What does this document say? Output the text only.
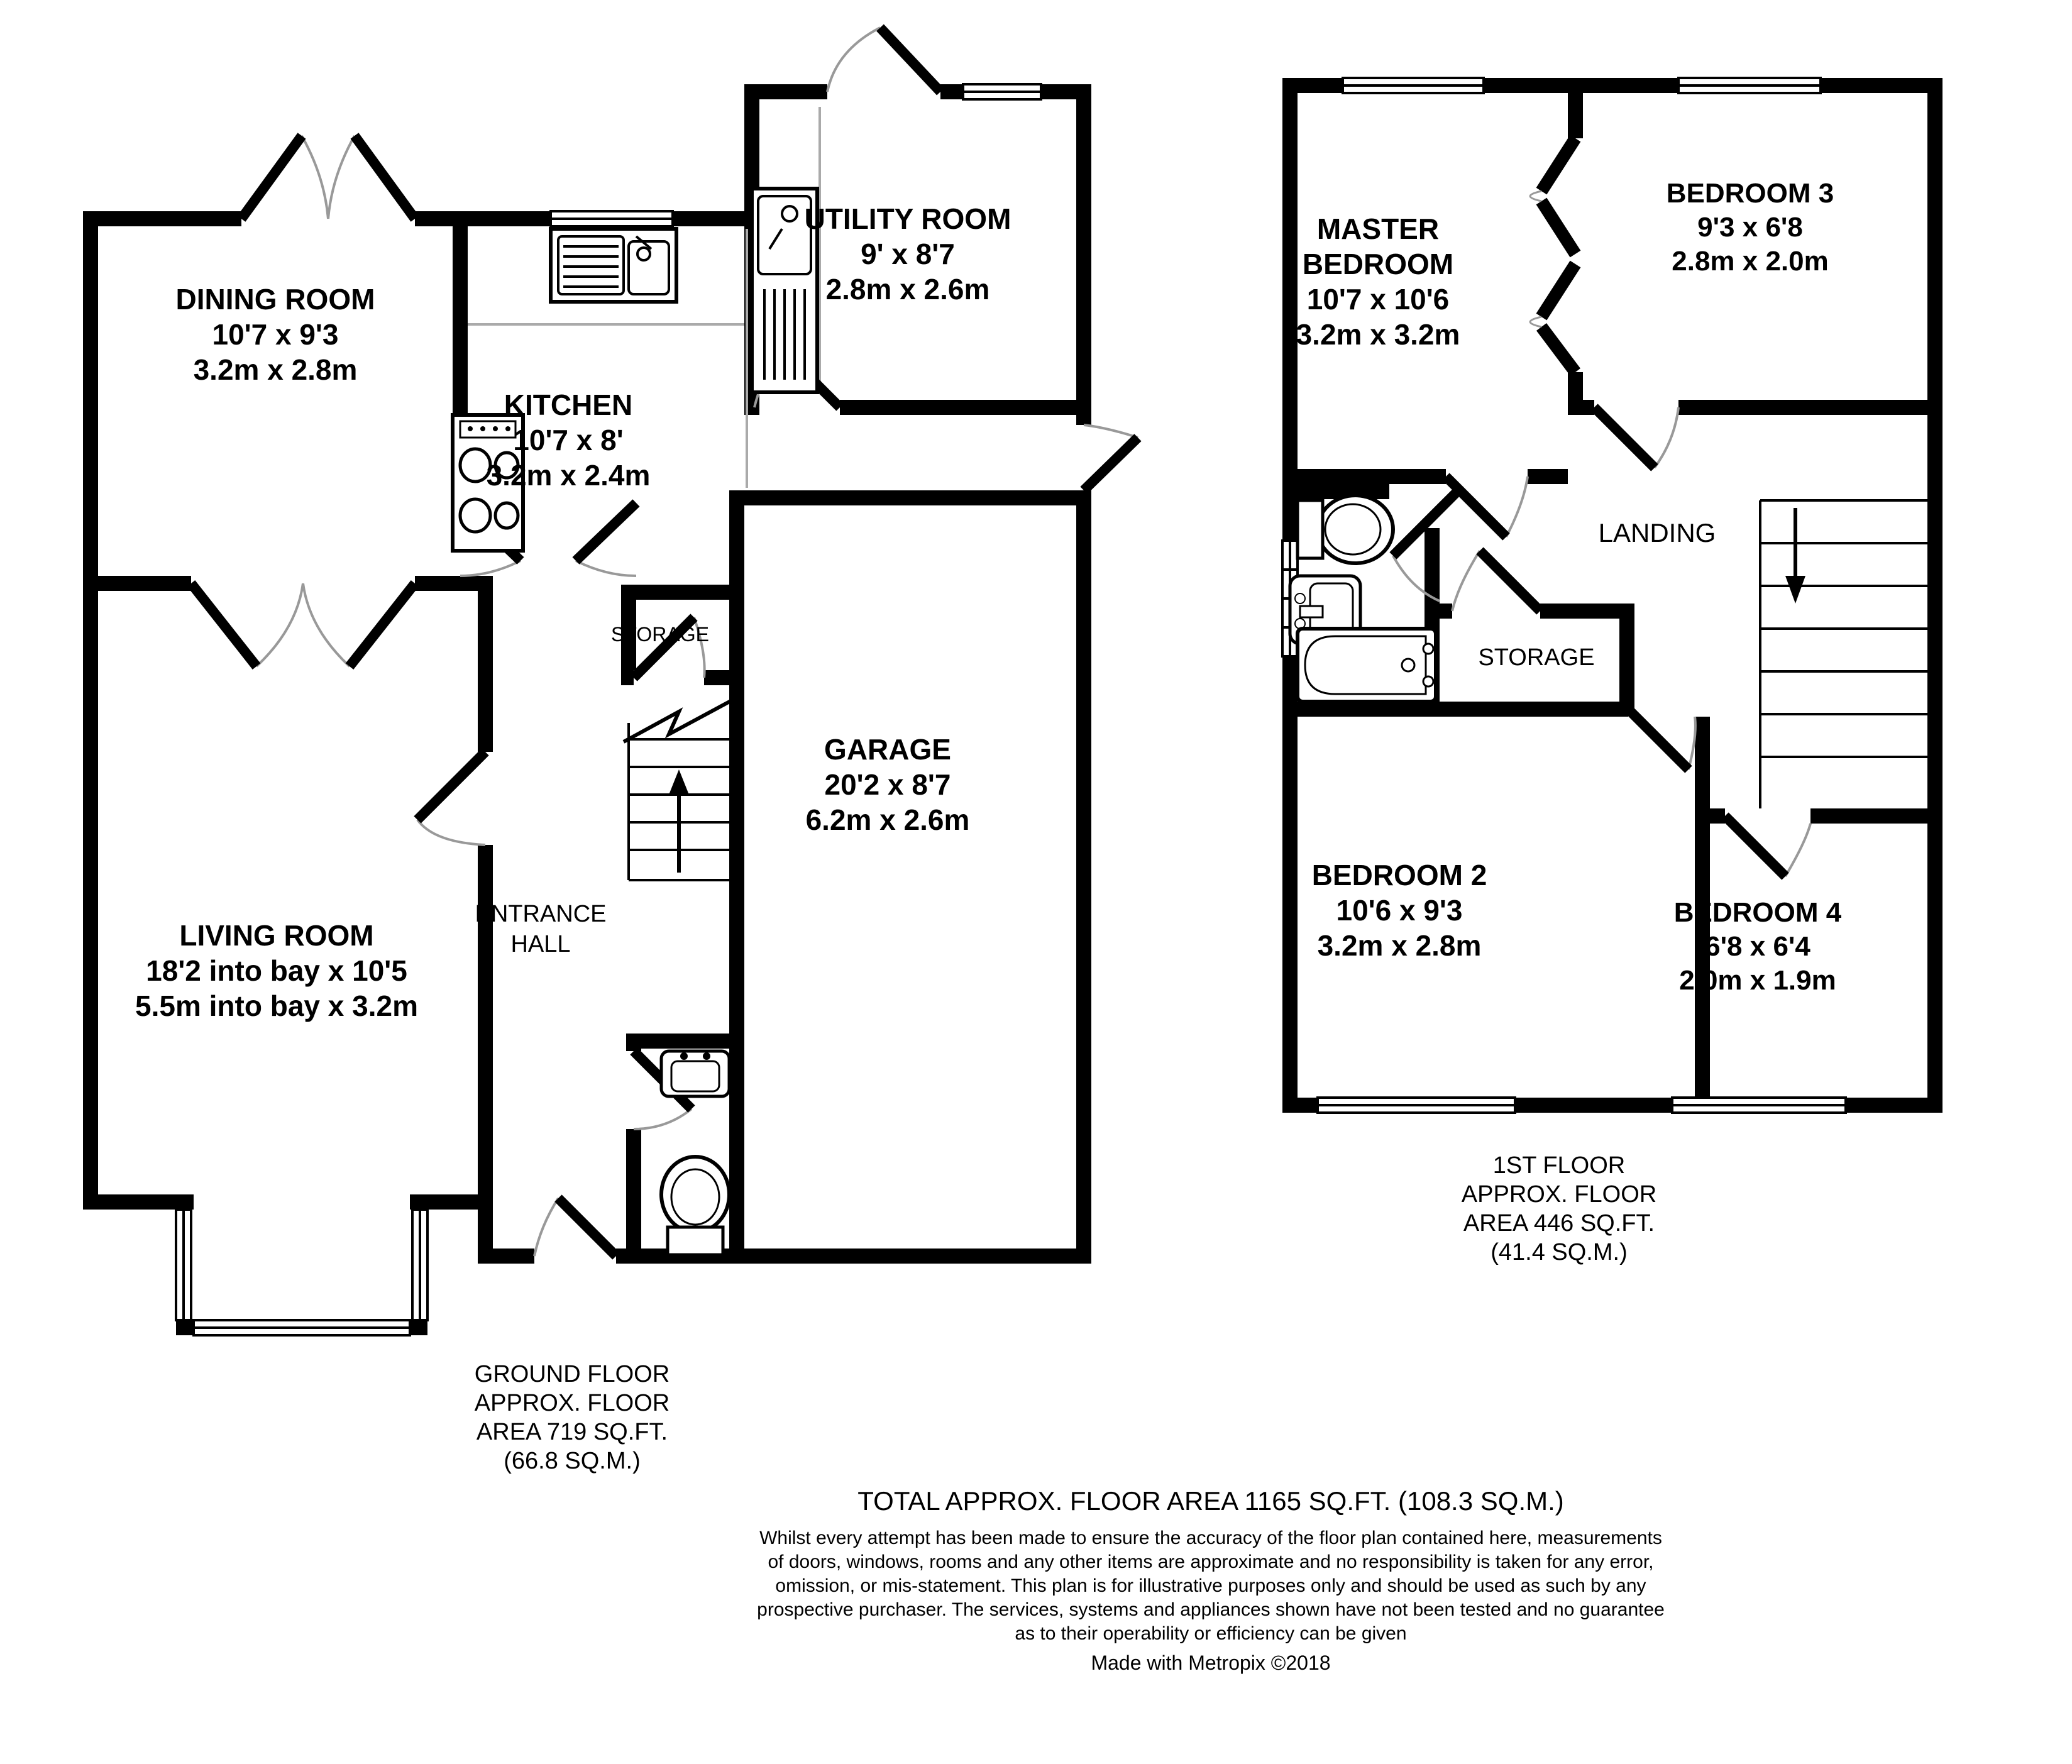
DINING ROOM
10'7 x 9'3
3.2m x 2.8m
KITCHEN
10'7 x 8'
3.2m x 2.4m
UTILITY ROOM
9' x 8'7
2.8m x 2.6m
LIVING ROOM
18'2 into bay x 10'5
5.5m into bay x 3.2m
GARAGE
20'2 x 8'7
6.2m x 2.6m
ENTRANCE
HALL
STORAGE
MASTER
BEDROOM
10'7 x 10'6
3.2m x 3.2m
BEDROOM 3
9'3 x 6'8
2.8m x 2.0m
LANDING
STORAGE
BEDROOM 2
10'6 x 9'3
3.2m x 2.8m
BEDROOM 4
6'8 x 6'4
2.0m x 1.9m
GROUND FLOOR
APPROX. FLOOR
AREA 719 SQ.FT.
(66.8 SQ.M.)
1ST FLOOR
APPROX. FLOOR
AREA 446 SQ.FT.
(41.4 SQ.M.)
TOTAL APPROX. FLOOR AREA 1165 SQ.FT. (108.3 SQ.M.)
Whilst every attempt has been made to ensure the accuracy of the floor plan contained here, measurements
of doors, windows, rooms and any other items are approximate and no responsibility is taken for any error,
omission, or mis-statement. This plan is for illustrative purposes only and should be used as such by any
prospective purchaser. The services, systems and appliances shown have not been tested and no guarantee
as to their operability or efficiency can be given
Made with Metropix ©2018
